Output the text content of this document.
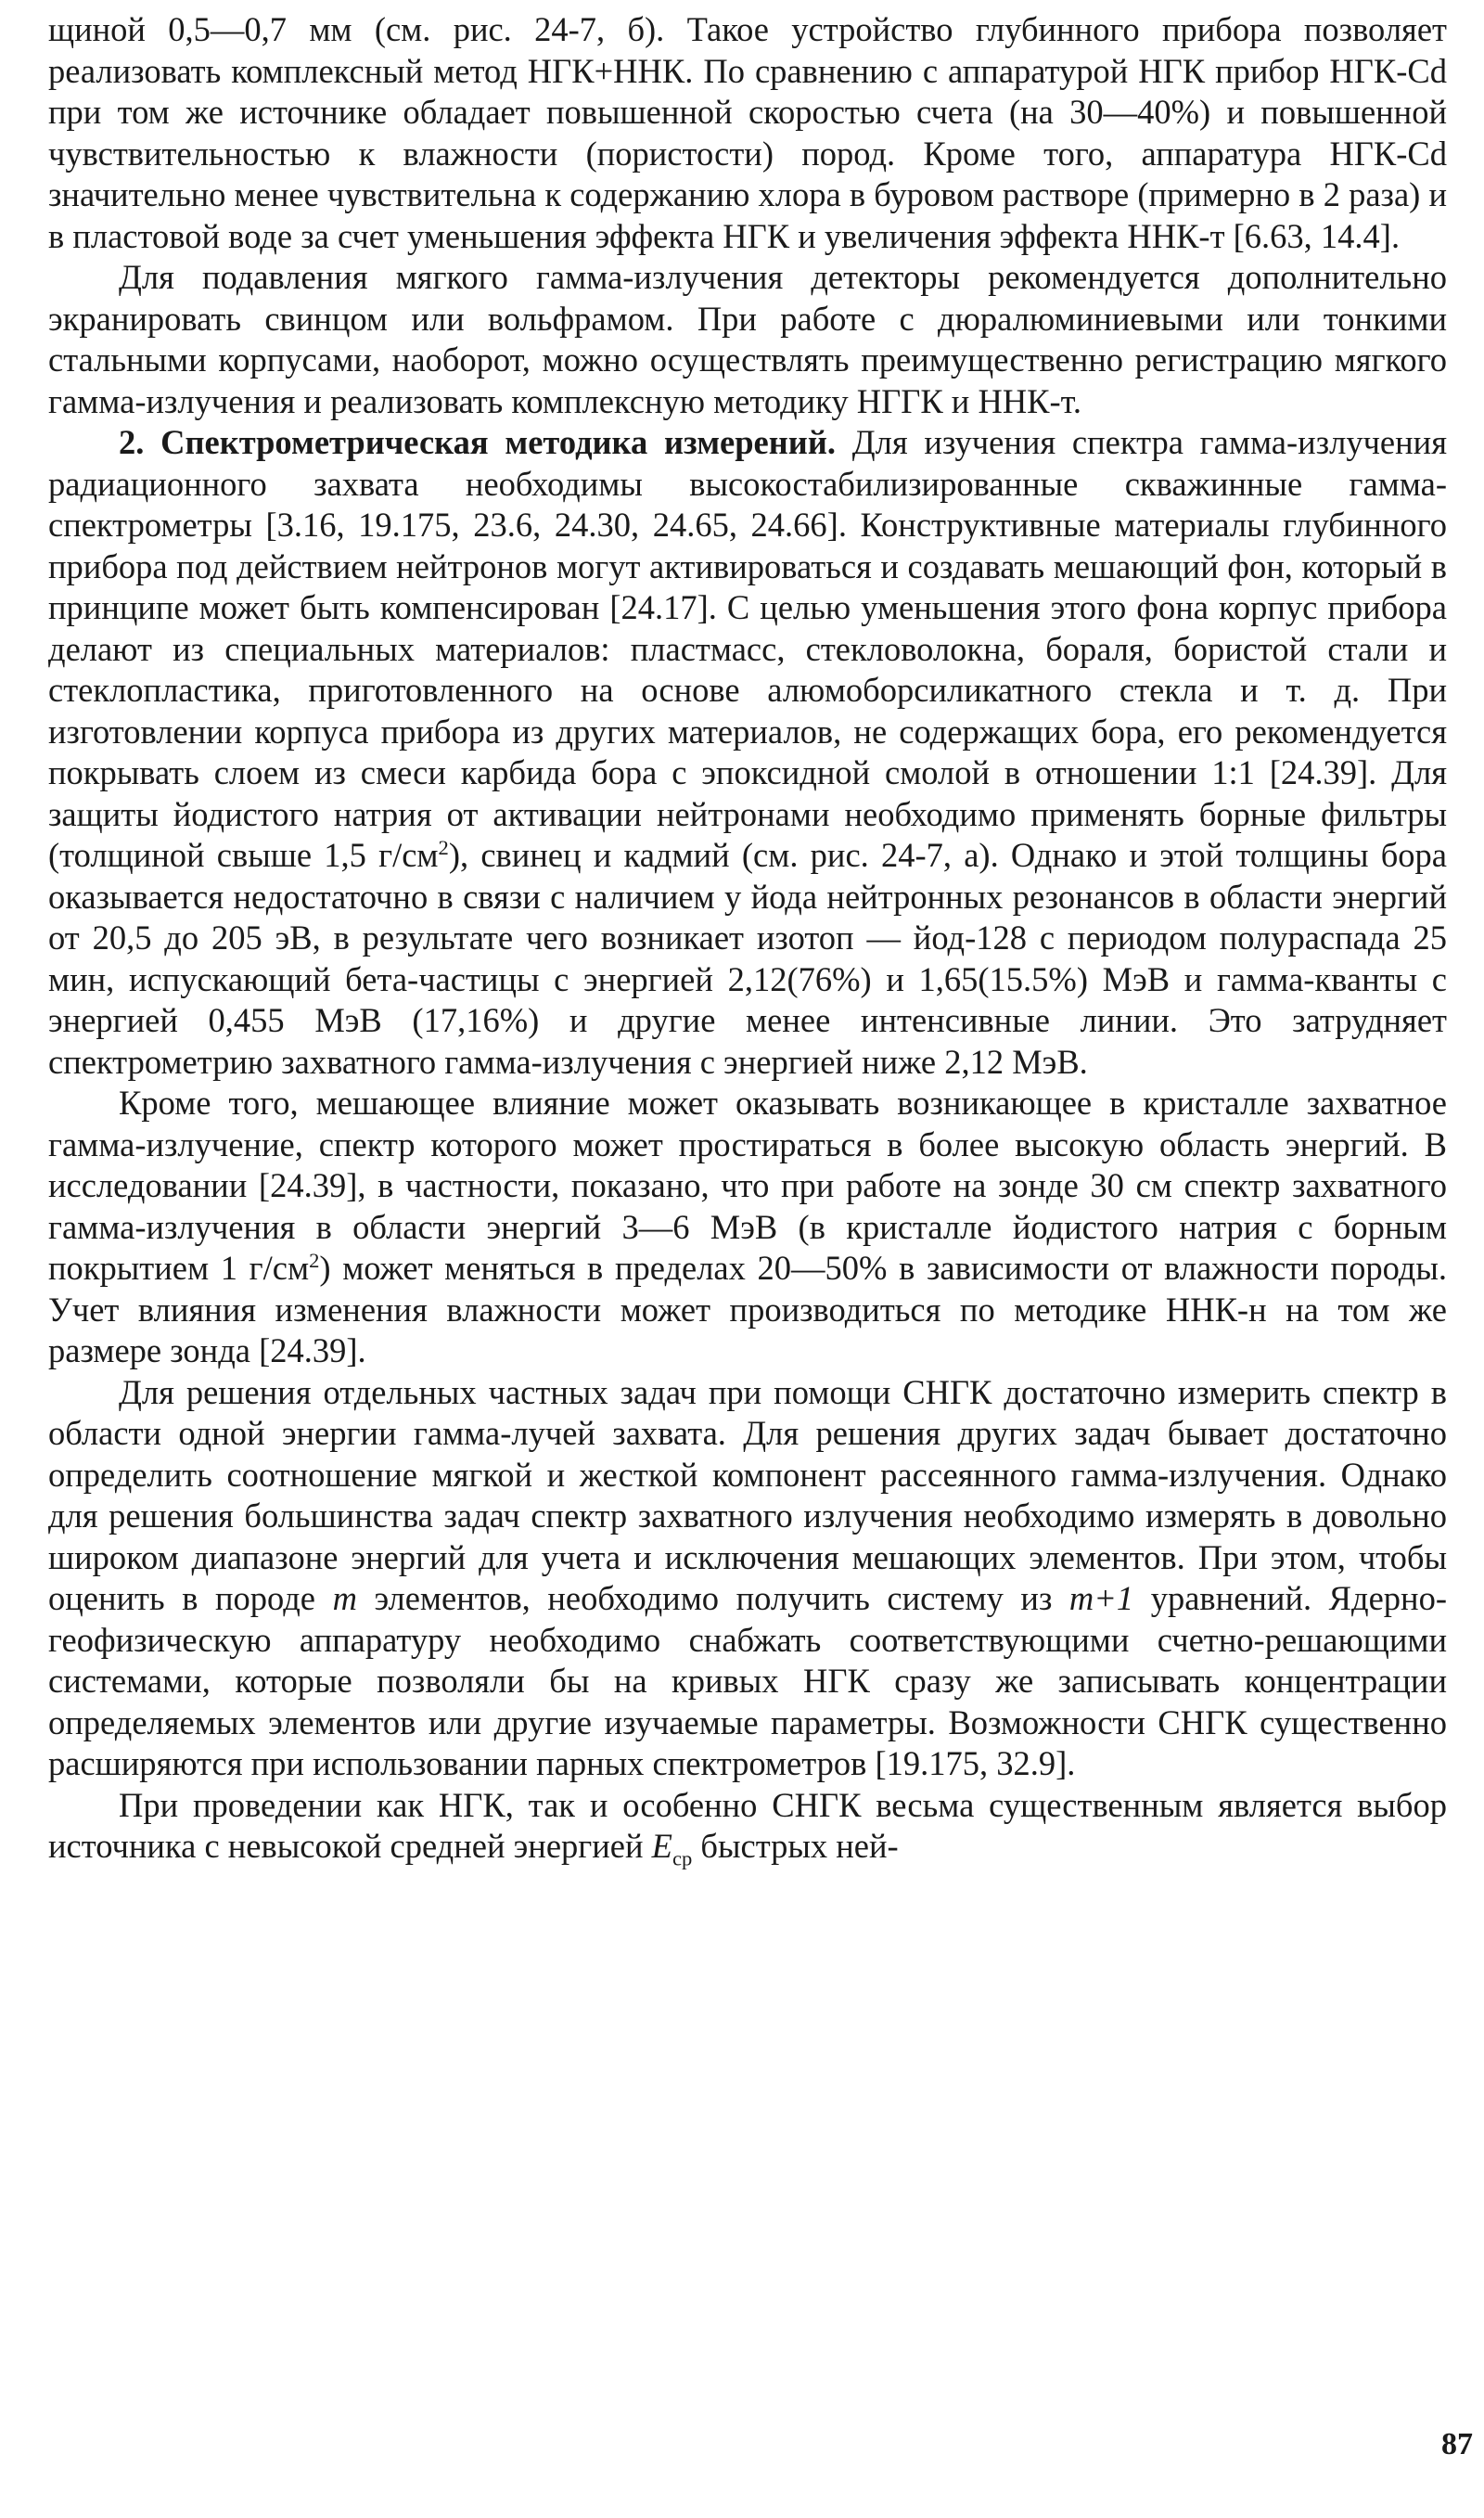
щиной 0,5—0,7 мм (см. рис. 24-7, б). Такое устройство глубинного прибора позволяет реализовать комплексный метод НГК+ННК. По сравнению с аппаратурой НГК прибор НГК-Cd при том же источнике обладает повышенной скоростью счета (на 30—40%) и повышенной чувствительностью к влажности (пористости) пород. Кроме того, аппаратура НГК-Cd значительно менее чувствительна к содержанию хлора в буровом растворе (примерно в 2 раза) и в пластовой воде за счет уменьшения эффекта НГК и увеличения эффекта ННК-т [6.63, 14.4].

Для подавления мягкого гамма-излучения детекторы рекомендуется дополнительно экранировать свинцом или вольфрамом. При работе с дюралюминиевыми или тонкими стальными корпусами, наоборот, можно осуществлять преимущественно регистрацию мягкого гамма-излучения и реализовать комплексную методику НГГК и ННК-т.

2. Спектрометрическая методика измерений. Для изучения спектра гамма-излучения радиационного захвата необходимы высокостабилизированные скважинные гамма-спектрометры [3.16, 19.175, 23.6, 24.30, 24.65, 24.66]. Конструктивные материалы глубинного прибора под действием нейтронов могут активироваться и создавать мешающий фон, который в принципе может быть компенсирован [24.17]. С целью уменьшения этого фона корпус прибора делают из специальных материалов: пластмасс, стекловолокна, бораля, бористой стали и стеклопластика, приготовленного на основе алюмоборсиликатного стекла и т. д. При изготовлении корпуса прибора из других материалов, не содержащих бора, его рекомендуется покрывать слоем из смеси карбида бора с эпоксидной смолой в отношении 1:1 [24.39]. Для защиты йодистого натрия от активации нейтронами необходимо применять борные фильтры (толщиной свыше 1,5 $г/см^2$), свинец и кадмий (см. рис. 24-7, а). Однако и этой толщины бора оказывается недостаточно в связи с наличием у йода нейтронных резонансов в области энергий от 20,5 до 205 эВ, в результате чего возникает изотоп — йод-128 с периодом полураспада 25 мин, испускающий бета-частицы с энергией 2,12(76%) и 1,65(15.5%) МэВ и гамма-кванты с энергией 0,455 МэВ (17,16%) и другие менее интенсивные линии. Это затрудняет спектрометрию захватного гамма-излучения с энергией ниже 2,12 МэВ.

Кроме того, мешающее влияние может оказывать возникающее в кристалле захватное гамма-излучение, спектр которого может простираться в более высокую область энергий. В исследовании [24.39], в частности, показано, что при работе на зонде 30 см спектр захватного гамма-излучения в области энергий 3—6 МэВ (в кристалле йодистого натрия с борным покрытием 1 $г/см^2$) может меняться в пределах 20—50% в зависимости от влажности породы. Учет влияния изменения влажности может производиться по методике ННК-н на том же размере зонда [24.39].

Для решения отдельных частных задач при помощи СНГК достаточно измерить спектр в области одной энергии гамма-лучей захвата. Для решения других задач бывает достаточно определить соотношение мягкой и жесткой компонент рассеянного гамма-излучения. Однако для решения большинства задач спектр захватного излучения необходимо измерять в довольно широком диапазоне энергий для учета и исключения мешающих элементов. При этом, чтобы оценить в породе m элементов, необходимо получить систему из m+1 уравнений. Ядерно-геофизическую аппаратуру необходимо снабжать соответствующими счетно-решающими системами, которые позволяли бы на кривых НГК сразу же записывать концентрации определяемых элементов или другие изучаемые параметры. Возможности СНГК существенно расширяются при использовании парных спектрометров [19.175, 32.9].

При проведении как НГК, так и особенно СНГК весьма существенным является выбор источника с невысокой средней энергией $E_{ср}$ быстрых ней-

87
